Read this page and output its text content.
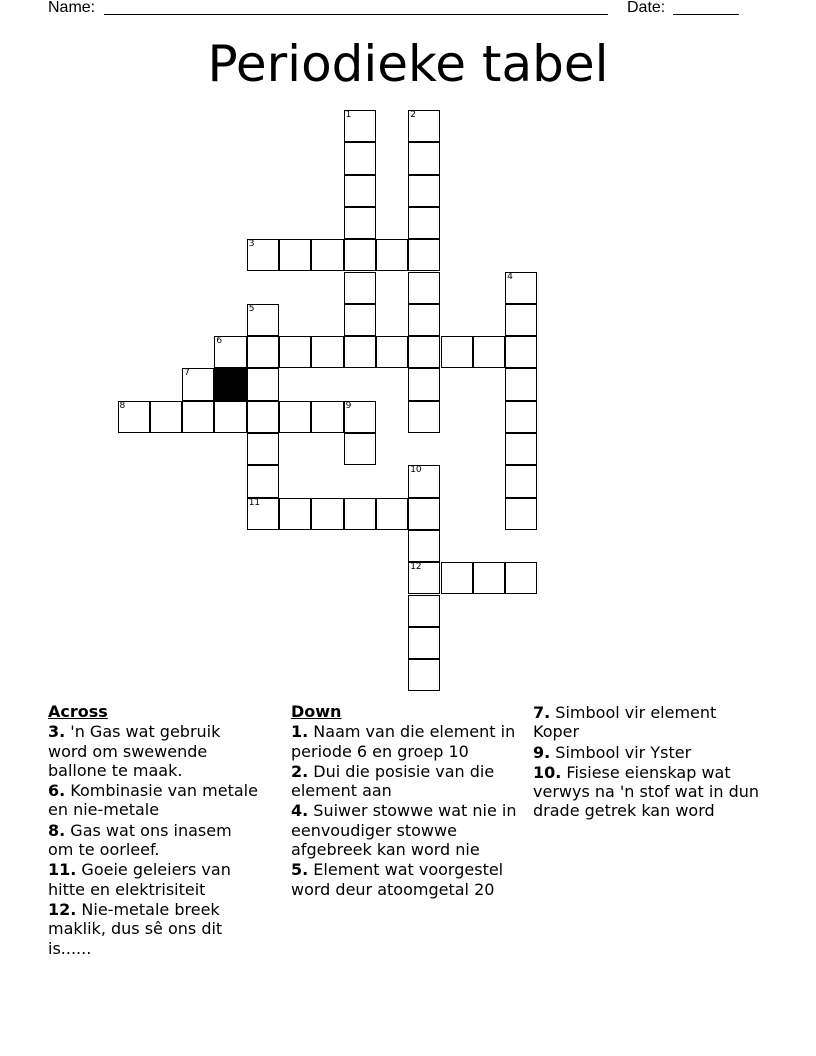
Name:	Date:
Periodieke tabel
1	2
3
4
5
6
7
8	9
10
11
12
Across
3. 'n Gas wat gebruik word om swewende ballone te maak.
6. Kombinasie van metale en nie-metale
8. Gas wat ons inasem om te oorleef.
11. Goeie geleiers van hitte en elektrisiteit
12. Nie-metale breek maklik, dus sê ons dit is......
Down
1. Naam van die element in periode 6 en groep 10
2. Dui die posisie van die element aan
4. Suiwer stowwe wat nie in eenvoudiger stowwe afgebreek kan word nie
5. Element wat voorgestel word deur atoomgetal 20
7. Simbool vir element Koper
9. Simbool vir Yster
10. Fisiese eienskap wat verwys na 'n stof wat in dun drade getrek kan word
